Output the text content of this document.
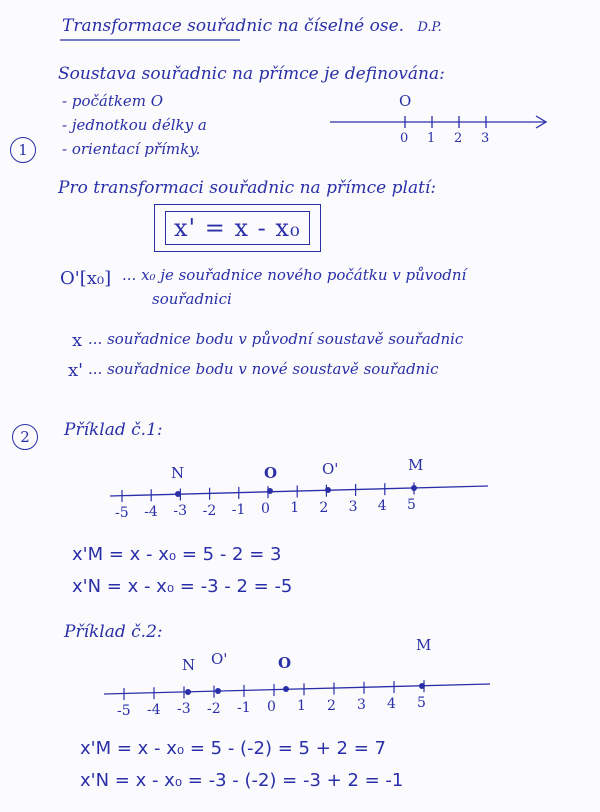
Transformace souřadnic na číselné ose. D.P.
Soustava souřadnic na přímce je definována:
- počátkem O
- jednotkou délky a
- orientací přímky.
1
O
0 1 2 3
Pro transformaci souřadnic na přímce platí:
x' = x - x₀
O'[x₀] ... x₀ je souřadnice nového počátku v původní
souřadnici
x ... souřadnice bodu v původní soustavě souřadnic
x' ... souřadnice bodu v nové soustavě souřadnic
2	Příklad č.1:
N	O	O'	M
-5 -4 -3 -2 -1 0 1 2 3 4 5
x'M = x - x₀ = 5 - 2 = 3
x'N = x - x₀ = -3 - 2 = -5
Příklad č.2:
N O'	O
M
-5 -4 -3 -2 -1 0 1 2 3 4 5
x'M = x - x₀ = 5 - (-2) = 5 + 2 = 7
x'N = x - x₀ = -3 - (-2) = -3 + 2 = -1
